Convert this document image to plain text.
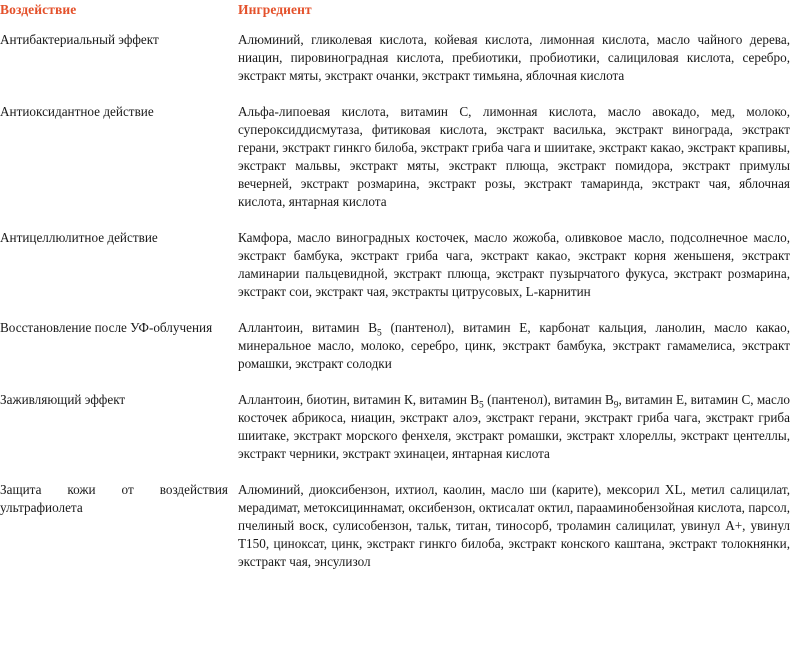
Воздействие	Ингредиент
Антибактериальный эффект	Алюминий, гликолевая кислота, койевая кислота, лимонная кислота, масло чайного дерева, ниацин, пировиноградная кислота, пребиотики, пробиотики, салициловая кислота, серебро, экстракт мяты, экстракт очанки, экстракт тимьяна, яблочная кислота
Антиоксидантное действие	Альфа-липоевая кислота, витамин С, лимонная кислота, масло авокадо, мед, молоко, супероксиддисмутаза, фитиковая кислота, экстракт василька, экстракт винограда, экстракт герани, экстракт гинкго билоба, экстракт гриба чага и шиитаке, экстракт какао, экстракт крапивы, экстракт мальвы, экстракт мяты, экстракт плюща, экстракт помидора, экстракт примулы вечерней, экстракт розмарина, экстракт розы, экстракт тамаринда, экстракт чая, яблочная кислота, янтарная кислота
Антицеллюлитное действие	Камфора, масло виноградных косточек, масло жожоба, оливковое масло, подсолнечное масло, экстракт бамбука, экстракт гриба чага, экстракт какао, экстракт корня женьшеня, экстракт ламинарии пальцевидной, экстракт плюща, экстракт пузырчатого фукуса, экстракт розмарина, экстракт сои, экстракт чая, экстракты цитрусовых, L-карнитин
Восстановление после УФ-облучения	Аллантоин, витамин $B_5$ (пантенол), витамин Е, карбонат кальция, ланолин, масло какао, минеральное масло, молоко, серебро, цинк, экстракт бамбука, экстракт гамамелиса, экстракт ромашки, экстракт солодки
Заживляющий эффект	Аллантоин, биотин, витамин К, витамин $B_5$ (пантенол), витамин $B_9$, витамин Е, витамин С, масло косточек абрикоса, ниацин, экстракт алоэ, экстракт герани, экстракт гриба чага, экстракт гриба шиитаке, экстракт морского фенхеля, экстракт ромашки, экстракт хлореллы, экстракт центеллы, экстракт черники, экстракт эхинацеи, янтарная кислота
Защита кожи от воздействия ультрафиолета	Алюминий, диоксибензон, ихтиол, каолин, масло ши (карите), мексорил XL, метил салицилат, мерадимат, метоксициннамат, оксибензон, октисалат октил, парааминобензойная кислота, парсол, пчелиный воск, сулисобензон, тальк, титан, тиносорб, троламин салицилат, увинул А+, увинул Т150, циноксат, цинк, экстракт гинкго билоба, экстракт конского каштана, экстракт толокнянки, экстракт чая, энсулизол
